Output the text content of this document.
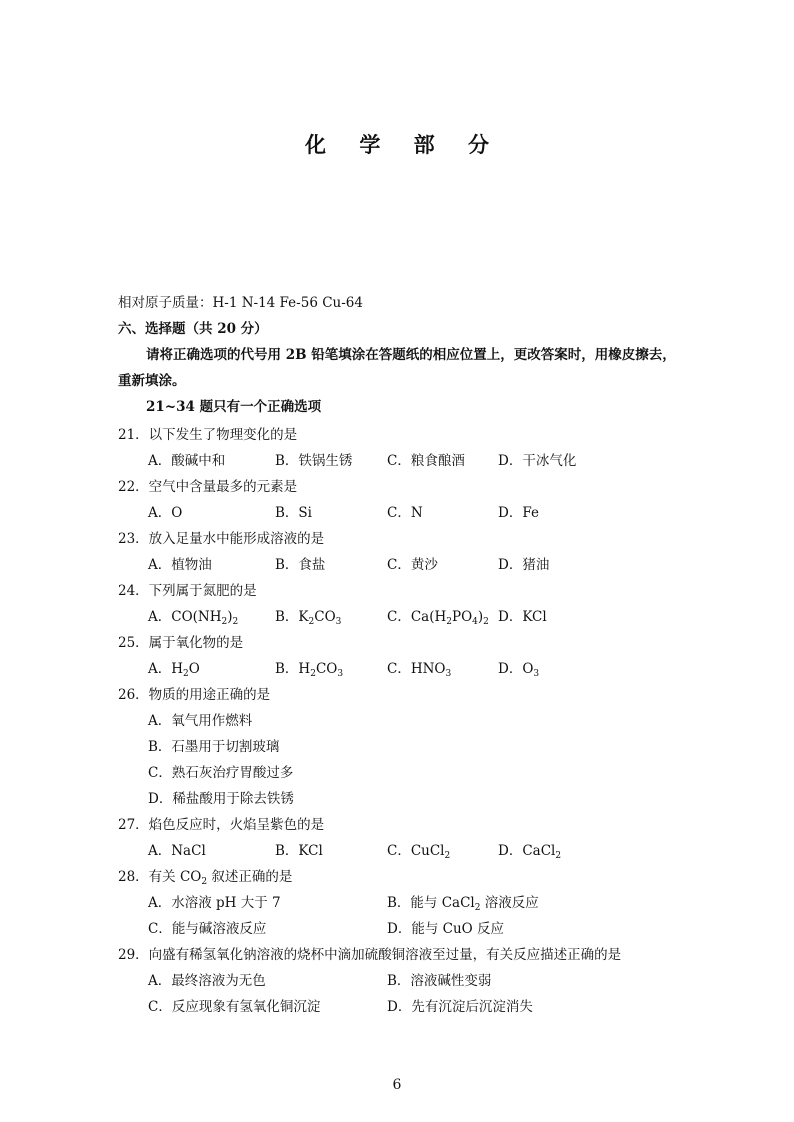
化 学 部 分
相对原子质量：H-1 N-14 Fe-56 Cu-64
六、选择题（共 20 分）
请将正确选项的代号用 2B 铅笔填涂在答题纸的相应位置上，更改答案时，用橡皮擦去，
重新填涂。
21~34 题只有一个正确选项
21．以下发生了物理变化的是
A．酸碱中和	B．铁锅生锈	C．粮食酿酒 D．干冰气化
22．空气中含量最多的元素是
A．O	B．Si	C．N	D．Fe
23．放入足量水中能形成溶液的是
A．植物油	B．食盐	C．黄沙	D．猪油
24．下列属于氮肥的是
A．$CO(NH_2)_2$	B．$K_2CO_3$	C．$Ca(H_2PO_4)_2$ D．KCl
25．属于氧化物的是
A．$H_2O$	B．$H_2CO_3$	C．$HNO_3$	D．$O_3$
26．物质的用途正确的是
A．氧气用作燃料
B．石墨用于切割玻璃
C．熟石灰治疗胃酸过多
D．稀盐酸用于除去铁锈
27．焰色反应时，火焰呈紫色的是
A．NaCl	B．KCl	C．CuCl$_2$	D．CaCl$_2$
28．有关 $CO_2$ 叙述正确的是
A．水溶液 pH 大于 7	B．能与 CaCl$_2$ 溶液反应
C．能与碱溶液反应	D．能与 CuO 反应
29．向盛有稀氢氧化钠溶液的烧杯中滴加硫酸铜溶液至过量，有关反应描述正确的是
A．最终溶液为无色	B．溶液碱性变弱
C．反应现象有氢氧化铜沉淀	D．先有沉淀后沉淀消失
6
